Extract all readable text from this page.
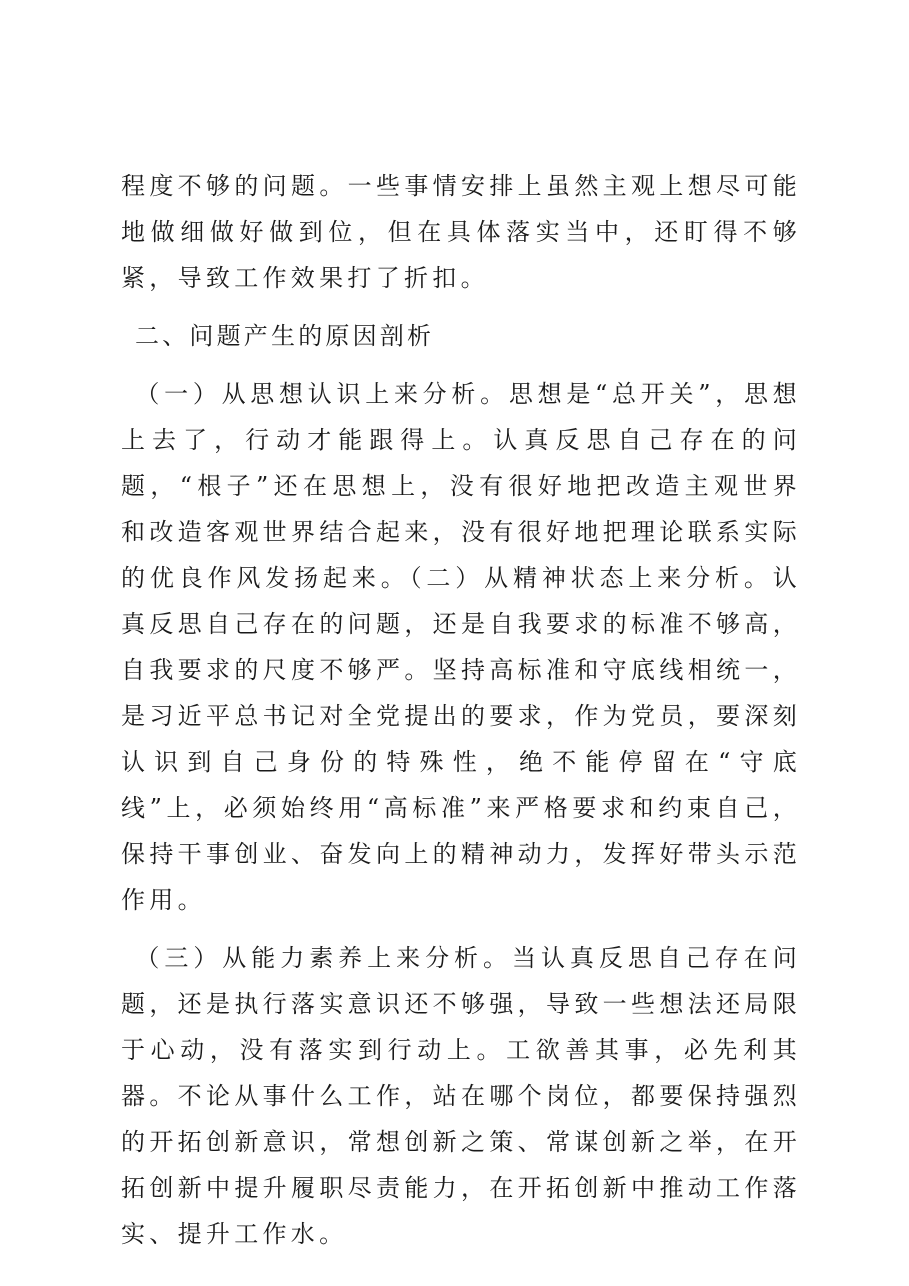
程度不够的问题。一些事情安排上虽然主观上想尽可能地做细做好做到位，但在具体落实当中，还盯得不够紧，导致工作效果打了折扣。

二、问题产生的原因剖析

（一）从思想认识上来分析。思想是“总开关”，思想上去了，行动才能跟得上。认真反思自己存在的问题，“根子”还在思想上，没有很好地把改造主观世界和改造客观世界结合起来，没有很好地把理论联系实际的优良作风发扬起来。（二）从精神状态上来分析。认真反思自己存在的问题，还是自我要求的标准不够高，自我要求的尺度不够严。坚持高标准和守底线相统一，是习近平总书记对全党提出的要求，作为党员，要深刻认识到自己身份的特殊性，绝不能停留在“守底线”上，必须始终用“高标准”来严格要求和约束自己，保持干事创业、奋发向上的精神动力，发挥好带头示范作用。

（三）从能力素养上来分析。当认真反思自己存在问题，还是执行落实意识还不够强，导致一些想法还局限于心动，没有落实到行动上。工欲善其事，必先利其器。不论从事什么工作，站在哪个岗位，都要保持强烈的开拓创新意识，常想创新之策、常谋创新之举，在开拓创新中提升履职尽责能力，在开拓创新中推动工作落实、提升工作水。
